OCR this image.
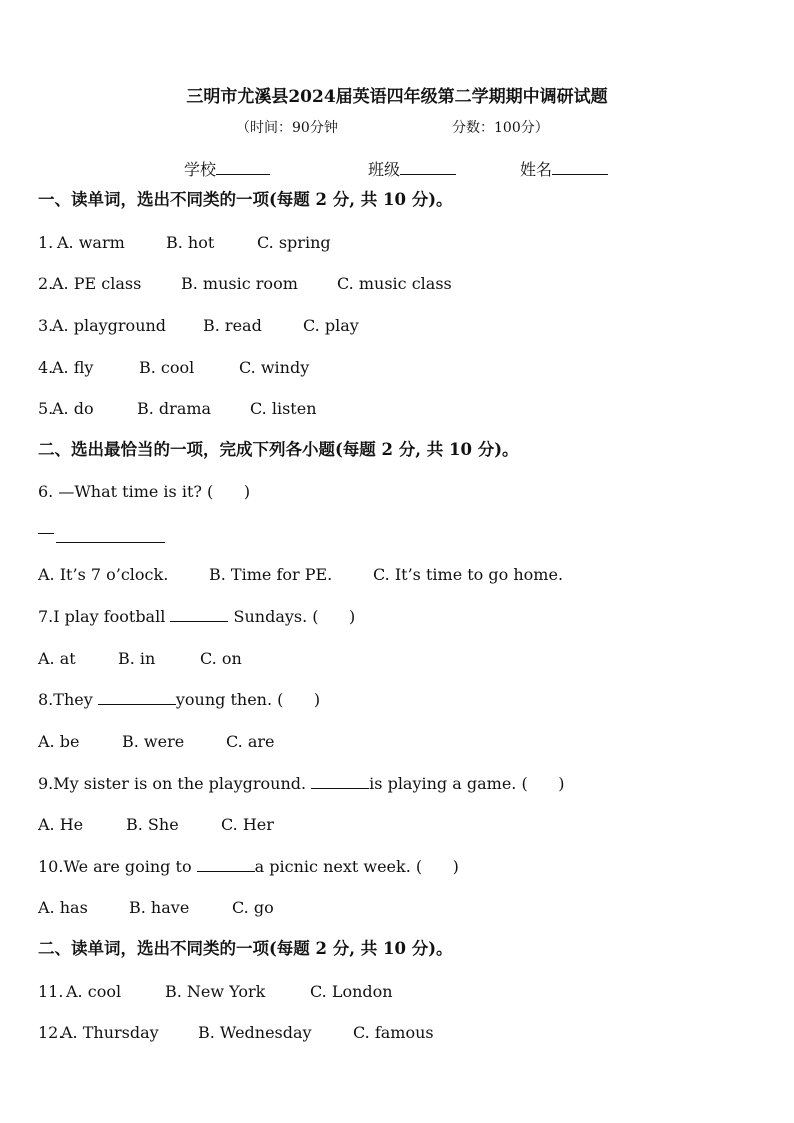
三明市尤溪县2024届英语四年级第二学期期中调研试题
（时间：90分钟	分数：100分）
学校	班级	姓名
一、读单词，选出不同类的一项(每题 2 分, 共 10 分)。
1.
A. warm	B. hot	C. spring
2.
A. PE class B. music room C. music class
3.
A. playground B. read	C. play
4.
A. fly	B. cool	C. windy
5.
A. do	B. drama C. listen
二、选出最恰当的一项，完成下列各小题(每题 2 分, 共 10 分)。
6. —What time is it? (      )
A. It’s 7 o’clock.	B. Time for PE.	C. It’s time to go home.
7.I play football	Sundays. (      )
A. at	B. in	C. on
8.They	young then. (      )
A. be	B. were	C. are
9.My sister is on the playground.	is playing a game. (      )
A. He	B. She	C. Her
10.We are going to	a picnic next week. (      )
A. has	B. have	C. go
二、读单词，选出不同类的一项(每题 2 分, 共 10 分)。
11.
A. cool	B. New York	C. London
12.
A. Thursday B. Wednesday	C. famous
